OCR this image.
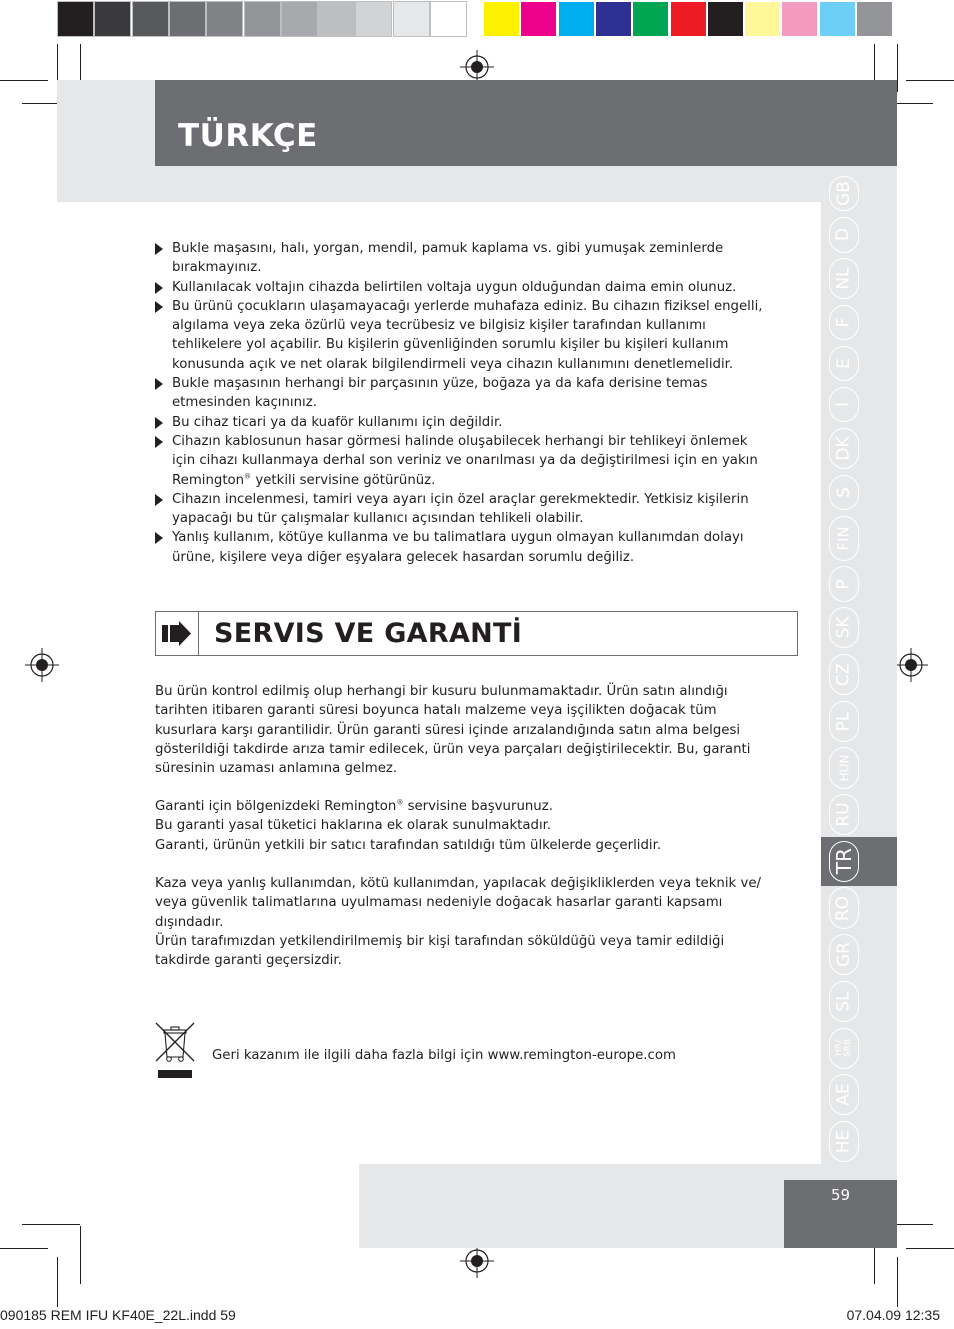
TÜRKÇE
GB
D
NL
F
E
I
DK
S
FIN
P
SK
CZ
PL
HUN
RU
TR
RO
GR
SL
HR/ SRB
AE
HE
Bukle maşasını, halı, yorgan, mendil, pamuk kaplama vs. gibi yumuşak zeminlerde bırakmayınız.
Kullanılacak voltajın cihazda belirtilen voltaja uygun olduğundan daima emin olunuz.
Bu ürünü çocukların ulaşamayacağı yerlerde muhafaza ediniz. Bu cihazın fiziksel engelli, algılama veya zeka özürlü veya tecrübesiz ve bilgisiz kişiler tarafından kullanımı tehlikelere yol açabilir. Bu kişilerin güvenliğinden sorumlu kişiler bu kişileri kullanım konusunda açık ve net olarak bilgilendirmeli veya cihazın kullanımını denetlemelidir.
Bukle maşasının herhangi bir parçasının yüze, boğaza ya da kafa derisine temas etmesinden kaçınınız.
Bu cihaz ticari ya da kuaför kullanımı için değildir.
Cihazın kablosunun hasar görmesi halinde oluşabilecek herhangi bir tehlikeyi önlemek için cihazı kullanmaya derhal son veriniz ve onarılması ya da değiştirilmesi için en yakın Remington® yetkili servisine götürünüz.
Cihazın incelenmesi, tamiri veya ayarı için özel araçlar gerekmektedir. Yetkisiz kişilerin yapacağı bu tür çalışmalar kullanıcı açısından tehlikeli olabilir.
Yanlış kullanım, kötüye kullanma ve bu talimatlara uygun olmayan kullanımdan dolayı ürüne, kişilere veya diğer eşyalara gelecek hasardan sorumlu değiliz.
SERVIS VE GARANTİ
Bu ürün kontrol edilmiş olup herhangi bir kusuru bulunmamaktadır. Ürün satın alındığı tarihten itibaren garanti süresi boyunca hatalı malzeme veya işçilikten doğacak tüm kusurlara karşı garantilidir. Ürün garanti süresi içinde arızalandığında satın alma belgesi gösterildiği takdirde arıza tamir edilecek, ürün veya parçaları değiştirilecektir. Bu, garanti süresinin uzaması anlamına gelmez.
Garanti için bölgenizdeki Remington® servisine başvurunuz.
Bu garanti yasal tüketici haklarına ek olarak sunulmaktadır.
Garanti, ürünün yetkili bir satıcı tarafından satıldığı tüm ülkelerde geçerlidir.
Kaza veya yanlış kullanımdan, kötü kullanımdan, yapılacak değişikliklerden veya teknik ve/ veya güvenlik talimatlarına uyulmaması nedeniyle doğacak hasarlar garanti kapsamı dışındadır.
Ürün tarafımızdan yetkilendirilmemiş bir kişi tarafından söküldüğü veya tamir edildiği takdirde garanti geçersizdir.
Geri kazanım ile ilgili daha fazla bilgi için www.remington-europe.com
59
090185 REM IFU KF40E_22L.indd 59	07.04.09 12:35
